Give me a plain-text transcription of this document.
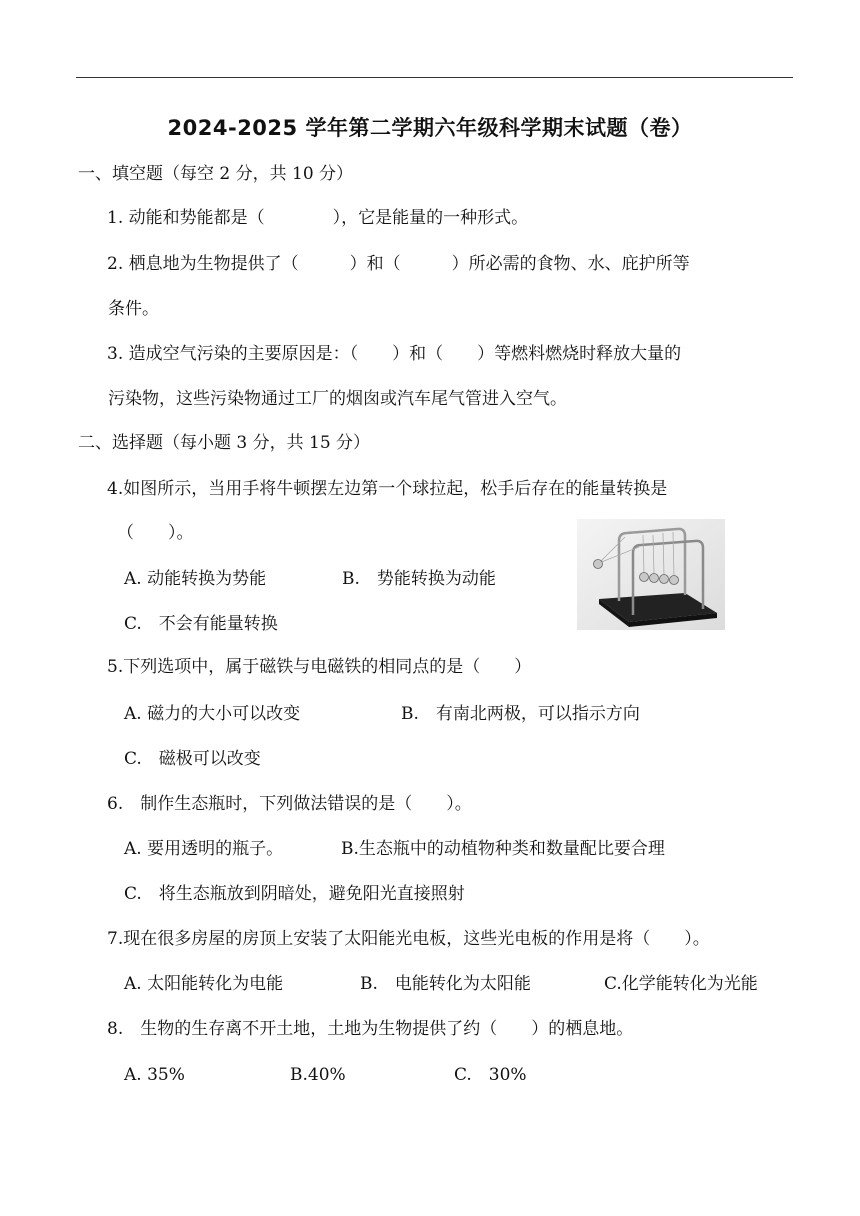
2024-2025 学年第二学期六年级科学期末试题（卷）
一、填空题（每空 2 分，共 10 分）
1. 动能和势能都是（　　　　），它是能量的一种形式。
2. 栖息地为生物提供了（　　　）和（　　　）所必需的食物、水、庇护所等
条件。
3. 造成空气污染的主要原因是：（　　）和（　　）等燃料燃烧时释放大量的
污染物，这些污染物通过工厂的烟囱或汽车尾气管进入空气。
二、选择题（每小题 3 分，共 15 分）
4.如图所示，当用手将牛顿摆左边第一个球拉起，松手后存在的能量转换是
（　　）。
A. 动能转换为势能	B.　势能转换为动能
C.　不会有能量转换
5.下列选项中，属于磁铁与电磁铁的相同点的是（　　）
A. 磁力的大小可以改变	B.　有南北两极，可以指示方向
C.　磁极可以改变
6.　制作生态瓶时，下列做法错误的是（　　）。
A. 要用透明的瓶子。	B.生态瓶中的动植物种类和数量配比要合理
C.　将生态瓶放到阴暗处，避免阳光直接照射
7.现在很多房屋的房顶上安装了太阳能光电板，这些光电板的作用是将（　　）。
A. 太阳能转化为电能	B.　电能转化为太阳能	C.化学能转化为光能
8.　生物的生存离不开土地，土地为生物提供了约（　　）的栖息地。
A. 35%	B.40%	C.　30%
